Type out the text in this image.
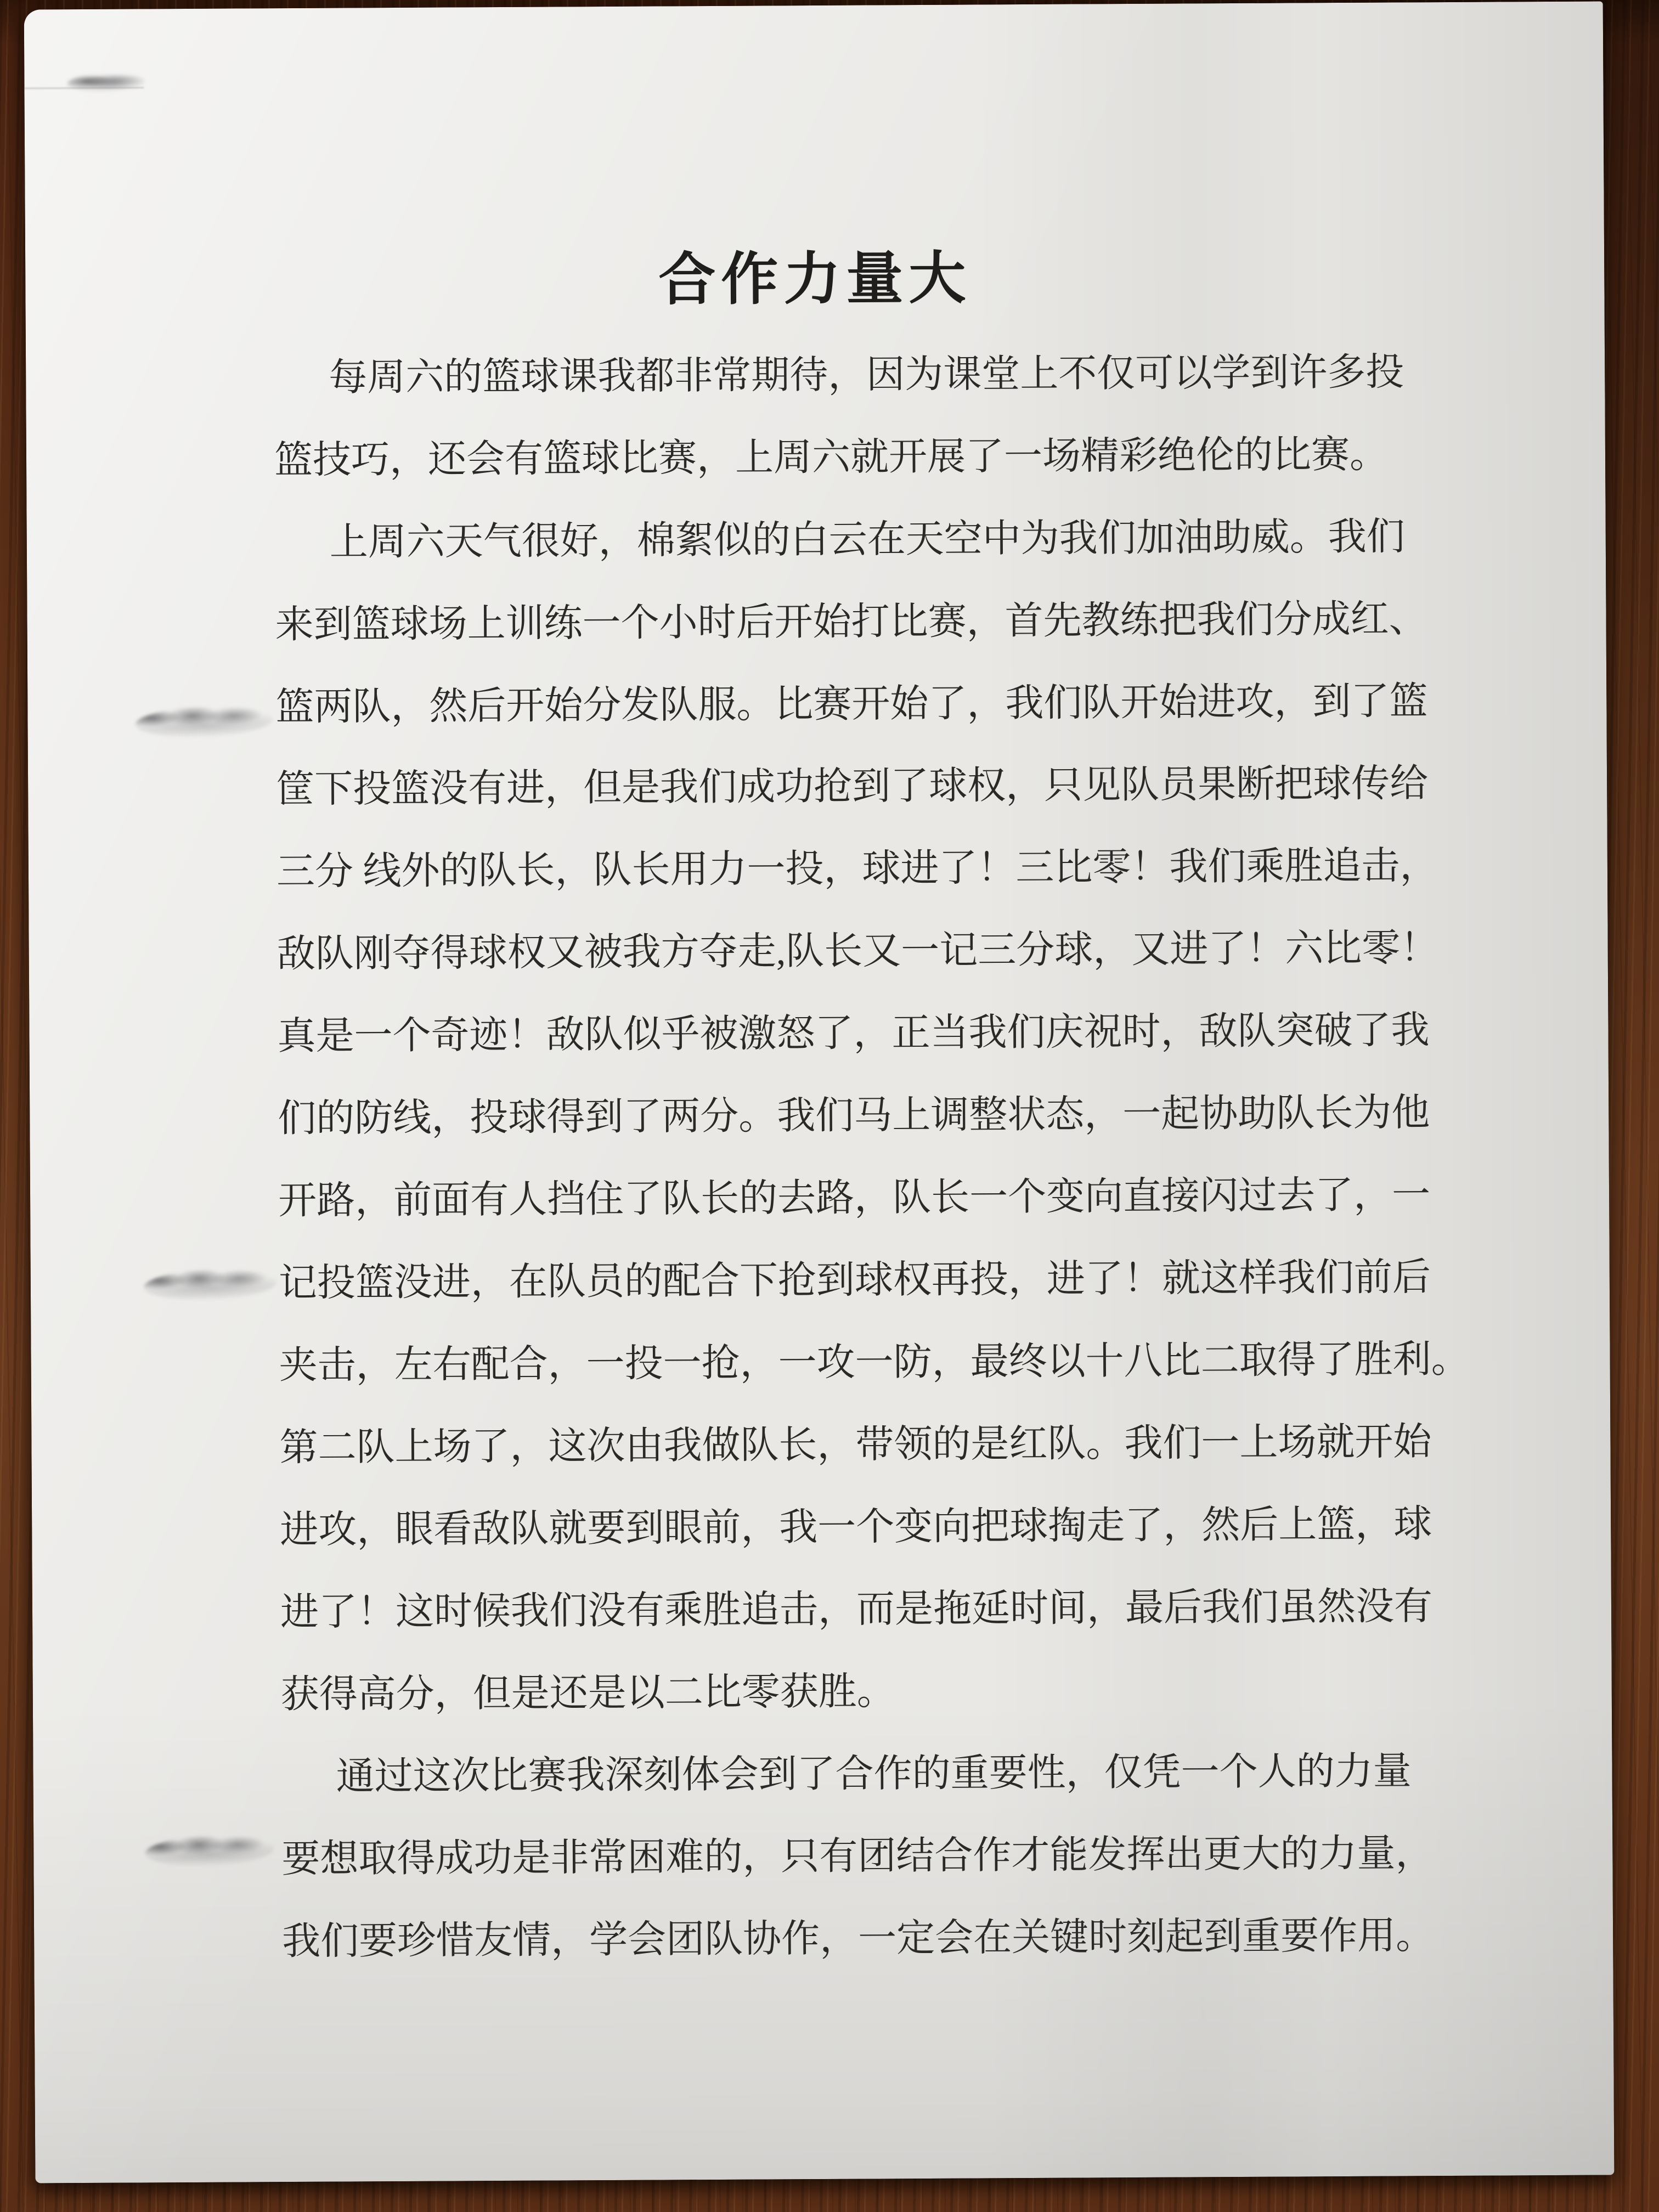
合作力量大
每周六的篮球课我都非常期待，因为课堂上不仅可以学到许多投
篮技巧，还会有篮球比赛，上周六就开展了一场精彩绝伦的比赛。
上周六天气很好，棉絮似的白云在天空中为我们加油助威。我们
来到篮球场上训练一个小时后开始打比赛，首先教练把我们分成红、
篮两队，然后开始分发队服。比赛开始了，我们队开始进攻，到了篮
筐下投篮没有进，但是我们成功抢到了球权，只见队员果断把球传给
三分 线外的队长，队长用力一投，球进了！三比零！我们乘胜追击，
敌队刚夺得球权又被我方夺走,队长又一记三分球，又进了！六比零！
真是一个奇迹！敌队似乎被激怒了，正当我们庆祝时，敌队突破了我
们的防线，投球得到了两分。我们马上调整状态，一起协助队长为他
开路，前面有人挡住了队长的去路，队长一个变向直接闪过去了，一
记投篮没进，在队员的配合下抢到球权再投，进了！就这样我们前后
夹击，左右配合，一投一抢，一攻一防，最终以十八比二取得了胜利。
第二队上场了，这次由我做队长，带领的是红队。我们一上场就开始
进攻，眼看敌队就要到眼前，我一个变向把球掏走了，然后上篮，球
进了！这时候我们没有乘胜追击，而是拖延时间，最后我们虽然没有
获得高分，但是还是以二比零获胜。
通过这次比赛我深刻体会到了合作的重要性，仅凭一个人的力量
要想取得成功是非常困难的，只有团结合作才能发挥出更大的力量，
我们要珍惜友情，学会团队协作，一定会在关键时刻起到重要作用。
